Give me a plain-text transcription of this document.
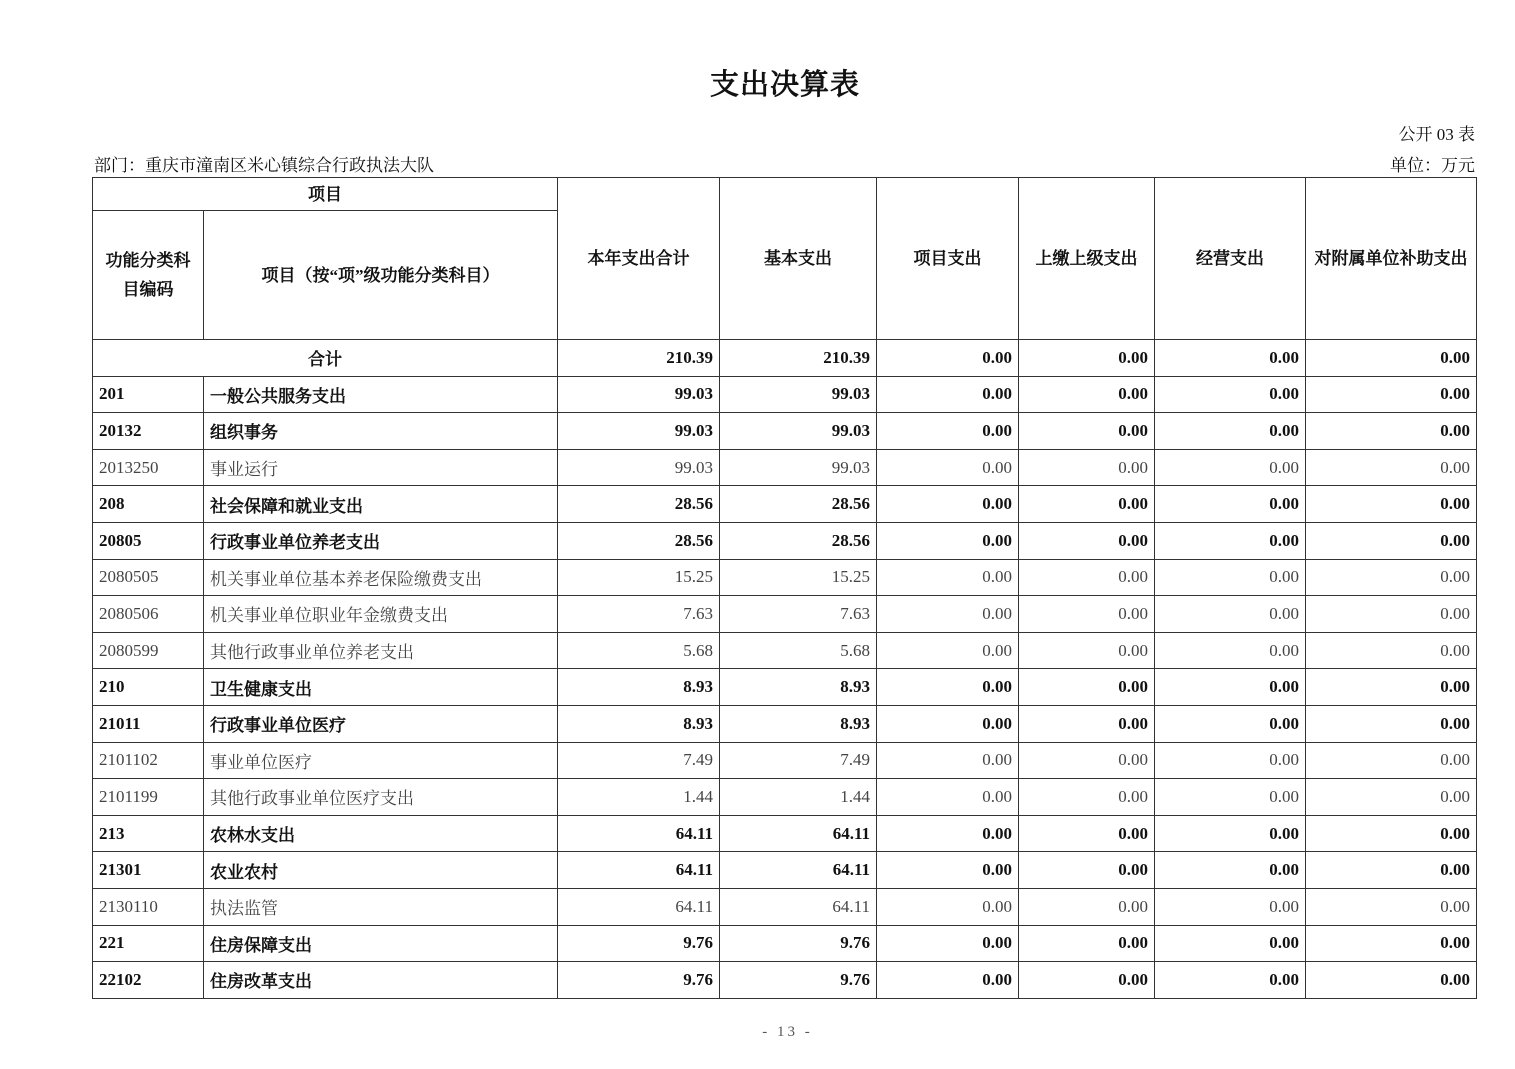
支出决算表
公开 03 表
部门：重庆市潼南区米心镇综合行政执法大队	单位：万元
项目		本年支出合计	基本支出	项目支出	上缴上级支出	经营支出	对附属单位补助支出
功能分类科目编码	项目（按“项”级功能分类科目）						
合计		210.39	210.39	0.00	0.00	0.00	0.00
201	一般公共服务支出	99.03	99.03	0.00	0.00	0.00	0.00
20132	组织事务	99.03	99.03	0.00	0.00	0.00	0.00
2013250	事业运行	99.03	99.03	0.00	0.00	0.00	0.00
208	社会保障和就业支出	28.56	28.56	0.00	0.00	0.00	0.00
20805	行政事业单位养老支出	28.56	28.56	0.00	0.00	0.00	0.00
2080505	机关事业单位基本养老保险缴费支出	15.25	15.25	0.00	0.00	0.00	0.00
2080506	机关事业单位职业年金缴费支出	7.63	7.63	0.00	0.00	0.00	0.00
2080599	其他行政事业单位养老支出	5.68	5.68	0.00	0.00	0.00	0.00
210	卫生健康支出	8.93	8.93	0.00	0.00	0.00	0.00
21011	行政事业单位医疗	8.93	8.93	0.00	0.00	0.00	0.00
2101102	事业单位医疗	7.49	7.49	0.00	0.00	0.00	0.00
2101199	其他行政事业单位医疗支出	1.44	1.44	0.00	0.00	0.00	0.00
213	农林水支出	64.11	64.11	0.00	0.00	0.00	0.00
21301	农业农村	64.11	64.11	0.00	0.00	0.00	0.00
2130110	执法监管	64.11	64.11	0.00	0.00	0.00	0.00
221	住房保障支出	9.76	9.76	0.00	0.00	0.00	0.00
22102	住房改革支出	9.76	9.76	0.00	0.00	0.00	0.00
- 13 -
